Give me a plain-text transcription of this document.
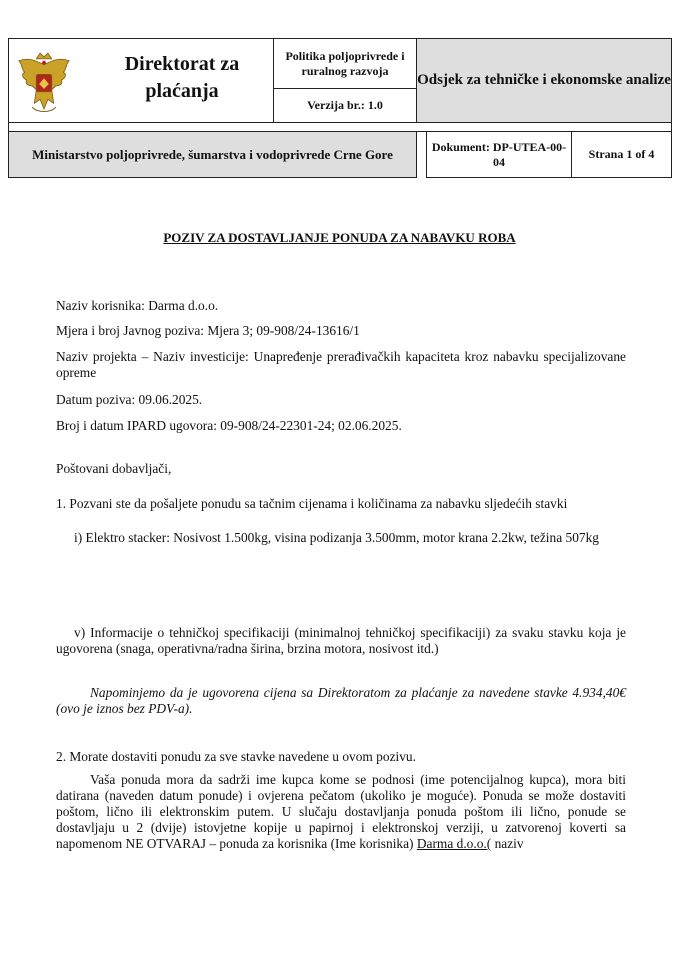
Direktorat za plaćanja	Politika poljoprivrede i ruralnog razvoja	Odsjek za tehničke i ekonomske analize		
	Verzija br.: 1.0			

Ministarstvo poljoprivrede, šumarstva i vodoprivrede Crne Gore			Dokument: DP-UTEA-00-04	Strana 1 of 4
POZIV ZA DOSTAVLJANJE PONUDA ZA NABAVKU ROBA
Naziv korisnika: Darma d.o.o.
Mjera i broj Javnog poziva: Mjera 3; 09-908/24-13616/1
Naziv projekta – Naziv investicije: Unapređenje prerađivačkih kapaciteta kroz nabavku specijalizovane opreme
Datum poziva: 09.06.2025.
Broj i datum IPARD ugovora: 09-908/24-22301-24; 02.06.2025.
Poštovani dobavljači,
1. Pozvani ste da pošaljete ponudu sa tačnim cijenama i količinama za nabavku sljedećih stavki
i) Elektro stacker: Nosivost 1.500kg, visina podizanja 3.500mm, motor krana 2.2kw, težina 507kg
v) Informacije o tehničkoj specifikaciji (minimalnoj tehničkoj specifikaciji) za svaku stavku koja je ugovorena (snaga, operativna/radna širina, brzina motora, nosivost itd.)
Napominjemo da je ugovorena cijena sa Direktoratom za plaćanje za navedene stavke 4.934,40€ (ovo je iznos bez PDV-a).
2. Morate dostaviti ponudu za sve stavke navedene u ovom pozivu.
Vaša ponuda mora da sadrži ime kupca kome se podnosi (ime potencijalnog kupca), mora biti datirana (naveden datum ponude) i ovjerena pečatom (ukoliko je moguće). Ponuda se može dostaviti poštom, lično ili elektronskim putem. U slučaju dostavljanja ponuda poštom ili lično, ponude se dostavljaju u 2 (dvije) istovjetne kopije u papirnoj i elektronskoj verziji, u zatvorenoj koverti sa napomenom NE OTVARAJ – ponuda za korisnika (Ime korisnika) Darma d.o.o.( naziv
